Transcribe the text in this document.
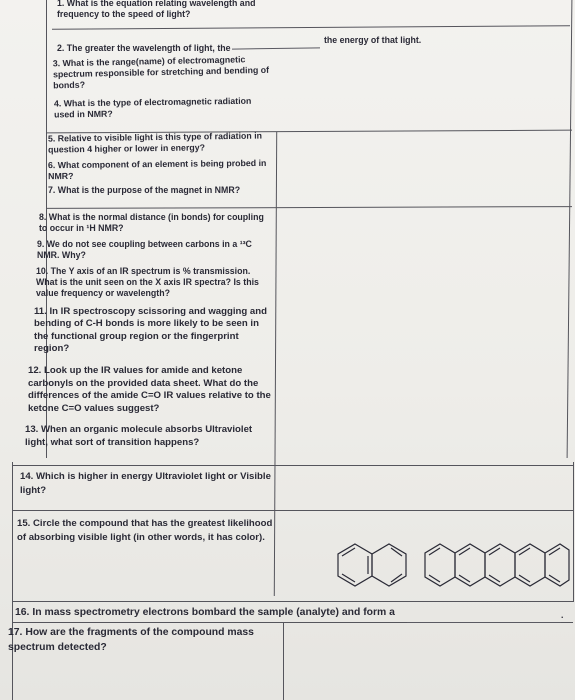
1. What is the equation relating wavelength and frequency to the speed of light?
2. The greater the wavelength of light, the
the energy of that light.
3. What is the range(name) of electromagnetic spectrum responsible for stretching and bending of bonds?
4. What is the type of electromagnetic radiation used in NMR?
5. Relative to visible light is this type of radiation in question 4 higher or lower in energy?
6. What component of an element is being probed in NMR?
7. What is the purpose of the magnet in NMR?
8. What is the normal distance (in bonds) for coupling to occur in ¹H NMR?
9. We do not see coupling between carbons in a ¹³C NMR. Why?
10. The Y axis of an IR spectrum is % transmission. What is the unit seen on the X axis IR spectra? Is this value frequency or wavelength?
11. In IR spectroscopy scissoring and wagging and bending of C-H bonds is more likely to be seen in the functional group region or the fingerprint region?
12. Look up the IR values for amide and ketone carbonyls on the provided data sheet. What do the differences of the amide C=O IR values relative to the ketone C=O values suggest?
13. When an organic molecule absorbs Ultraviolet light, what sort of transition happens?
14. Which is higher in energy Ultraviolet light or Visible light?
15. Circle the compound that has the greatest likelihood of absorbing visible light (in other words, it has color).
16. In mass spectrometry electrons bombard the sample (analyte) and form a	.
17. How are the fragments of the compound mass spectrum detected?
